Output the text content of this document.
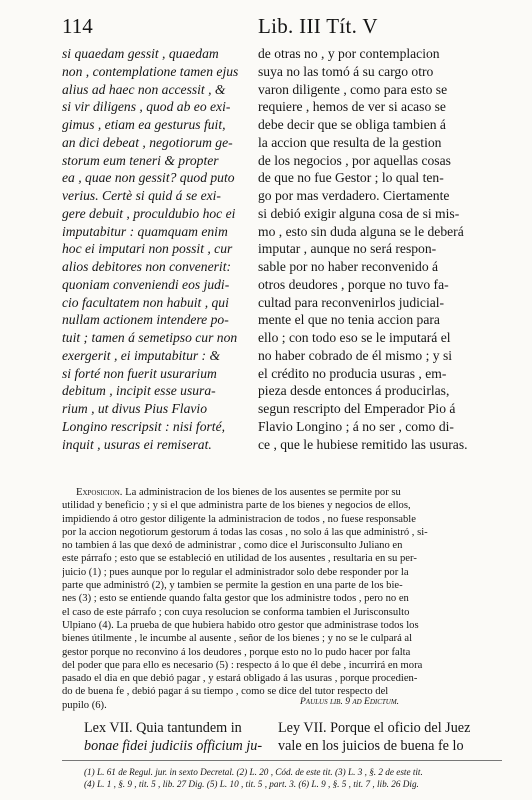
114	Lib. III Tít. V
si quaedam gessit , quaedam
non , contemplatione tamen ejus
alius ad haec non accessit , &
si vir diligens , quod ab eo exi-
gimus , etiam ea gesturus fuit,
an dici debeat , negotiorum ge-
storum eum teneri & propter
ea , quae non gessit? quod puto
verius. Certè si quid á se exi-
gere debuit , proculdubio hoc ei
imputabitur : quamquam enim
hoc ei imputari non possit , cur
alios debitores non convenerit:
quoniam conveniendi eos judi-
cio facultatem non habuit , qui
nullam actionem intendere po-
tuit ; tamen á semetipso cur non
exergerit , ei imputabitur : &
si forté non fuerit usurarium
debitum , incipit esse usura-
rium , ut divus Pius Flavio
Longino rescripsit : nisi forté,
inquit , usuras ei remiserat.
de otras no , y por contemplacion
suya no las tomó á su cargo otro
varon diligente , como para esto se
requiere , hemos de ver si acaso se
debe decir que se obliga tambien á
la accion que resulta de la gestion
de los negocios , por aquellas cosas
de que no fue Gestor ; lo qual ten-
go por mas verdadero. Ciertamente
si debió exigir alguna cosa de si mis-
mo , esto sin duda alguna se le deberá
imputar , aunque no será respon-
sable por no haber reconvenido á
otros deudores , porque no tuvo fa-
cultad para reconvenirlos judicial-
mente el que no tenia accion para
ello ; con todo eso se le imputará el
no haber cobrado de él mismo ; y si
el crédito no producia usuras , em-
pieza desde entonces á producirlas,
segun rescripto del Emperador Pio á
Flavio Longino ; á no ser , como di-
ce , que le hubiese remitido las usuras.
Exposicion. La administracion de los bienes de los ausentes se permite por su
utilidad y beneficio ; y si el que administra parte de los bienes y negocios de ellos,
impidiendo á otro gestor diligente la administracion de todos , no fuese responsable
por la accion negotiorum gestorum á todas las cosas , no solo á las que administró , si-
no tambien á las que dexó de administrar , como dice el Jurisconsulto Juliano en
este párrafo ; esto que se estableció en utilidad de los ausentes , resultaria en su per-
juicio (1) ; pues aunque por lo regular el administrador solo debe responder por la
parte que administró (2), y tambien se permite la gestion en una parte de los bie-
nes (3) ; esto se entiende quando falta gestor que los administre todos , pero no en
el caso de este párrafo ; con cuya resolucion se conforma tambien el Jurisconsulto
Ulpiano (4). La prueba de que hubiera habido otro gestor que administrase todos los
bienes útilmente , le incumbe al ausente , señor de los bienes ; y no se le culpará al
gestor porque no reconvino á los deudores , porque esto no lo pudo hacer por falta
del poder que para ello es necesario (5) : respecto á lo que él debe , incurrirá en mora
pasado el dia en que debió pagar , y estará obligado á las usuras , porque procedien-
do de buena fe , debió pagar á su tiempo , como se dice del tutor respecto del
pupilo (6).	Paulus lib. 9 ad Edictum.
Lex VII. Quia tantundem in
bonae fidei judiciis officium ju-
Ley VII. Porque el oficio del Juez
vale en los juicios de buena fe lo
(1) L. 61 de Regul. jur. in sexto Decretal. (2) L. 20 , Cód. de este tit. (3) L. 3 , §. 2 de este tit.
(4) L. 1 , §. 9 , tit. 5 , lib. 27 Dig. (5) L. 10 , tit. 5 , part. 3. (6) L. 9 , §. 5 , tit. 7 , lib. 26 Dig.
